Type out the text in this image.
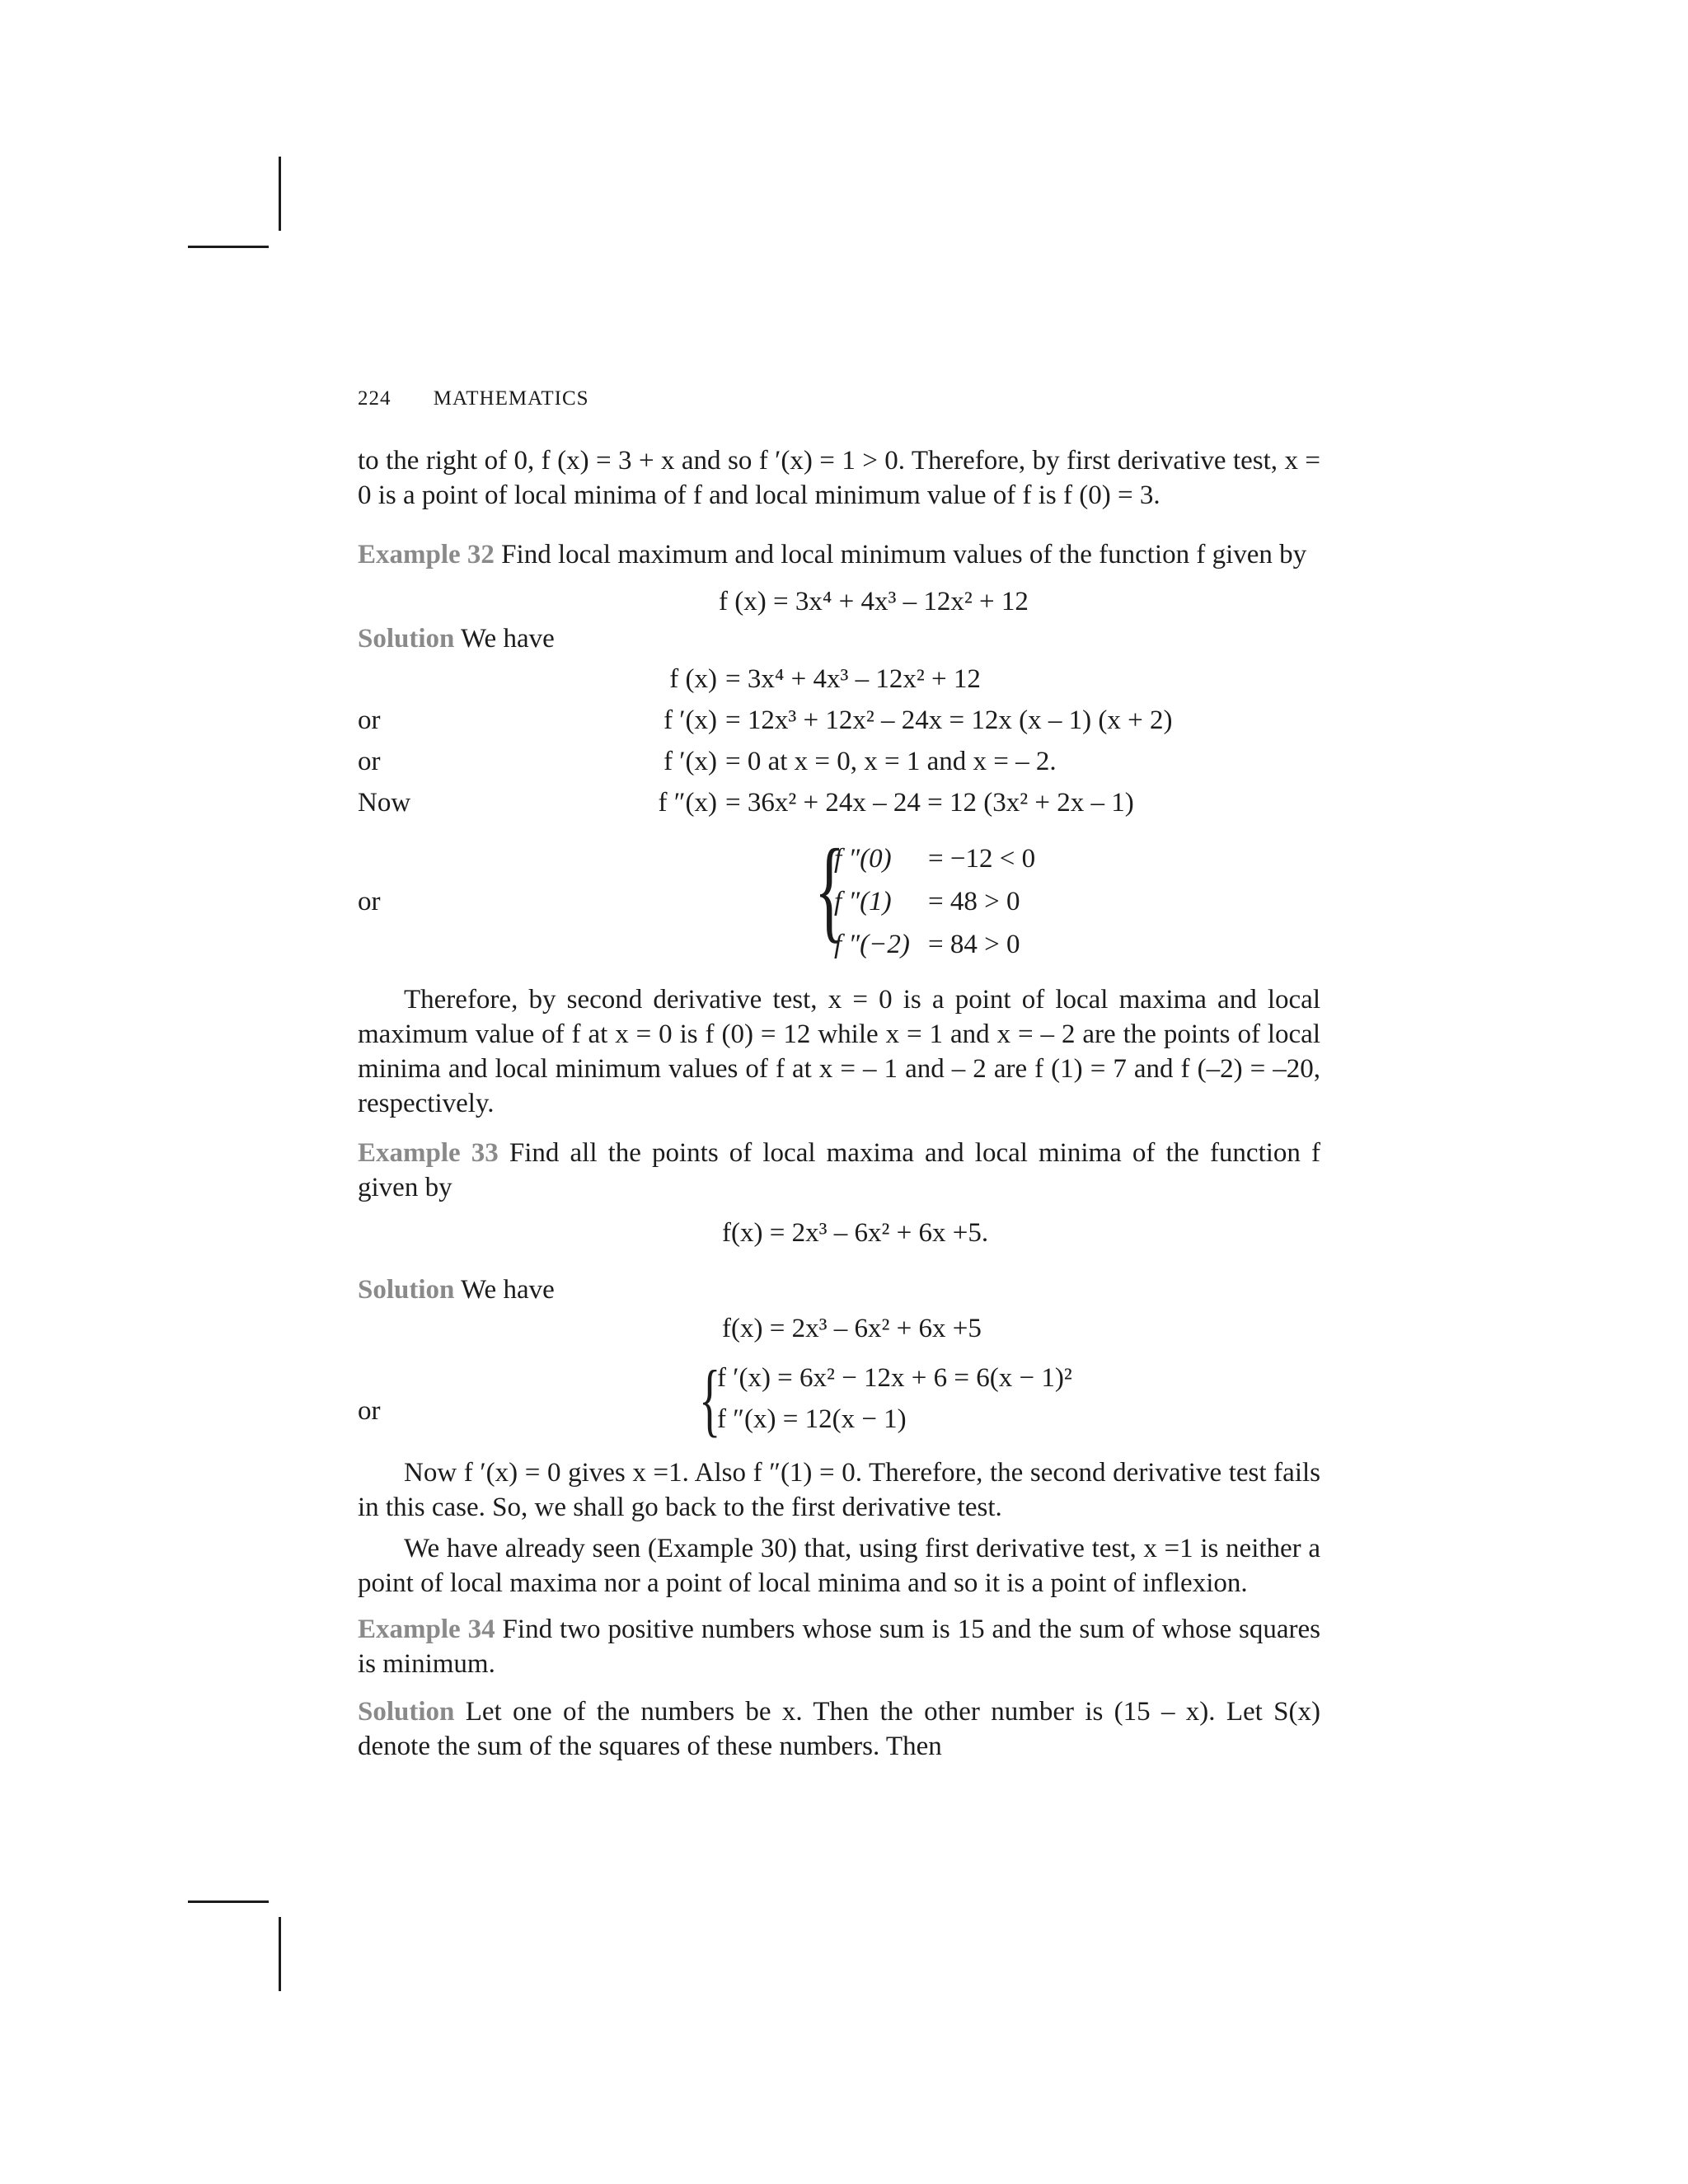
224 MATHEMATICS
to the right of 0, f (x) = 3 + x and so f ′(x) = 1 > 0. Therefore, by first derivative test, x = 0 is a point of local minima of f and local minimum value of f is f (0) = 3.
Example 32 Find local maximum and local minimum values of the function f given by
f (x) = 3x⁴ + 4x³ – 12x² + 12
Solution We have
f (x) = 3x⁴ + 4x³ – 12x² + 12
or	f ′(x) = 12x³ + 12x² – 24x = 12x (x – 1) (x + 2)
or	f ′(x) = 0 at x = 0, x = 1 and x = – 2.
Now	f ″(x) = 36x² + 24x – 24 = 12 (3x² + 2x – 1)
or	{
f ″(0) = −12 < 0
f ″(1) = 48 > 0
f ″(−2) = 84 > 0
Therefore, by second derivative test, x = 0 is a point of local maxima and local maximum value of f at x = 0 is f (0) = 12 while x = 1 and x = – 2 are the points of local minima and local minimum values of f at x = – 1 and – 2 are f (1) = 7 and f (–2) = –20, respectively.
Example 33 Find all the points of local maxima and local minima of the function f given by
f(x) = 2x³ – 6x² + 6x +5.
Solution We have
f(x) = 2x³ – 6x² + 6x +5
or	{
f ′(x) = 6x² − 12x + 6 = 6(x − 1)²
f ″(x) = 12(x − 1)
Now f ′(x) = 0 gives x =1. Also f ″(1) = 0. Therefore, the second derivative test fails in this case. So, we shall go back to the first derivative test.
We have already seen (Example 30) that, using first derivative test, x =1 is neither a point of local maxima nor a point of local minima and so it is a point of inflexion.
Example 34 Find two positive numbers whose sum is 15 and the sum of whose squares is minimum.
Solution Let one of the numbers be x. Then the other number is (15 – x). Let S(x) denote the sum of the squares of these numbers. Then
